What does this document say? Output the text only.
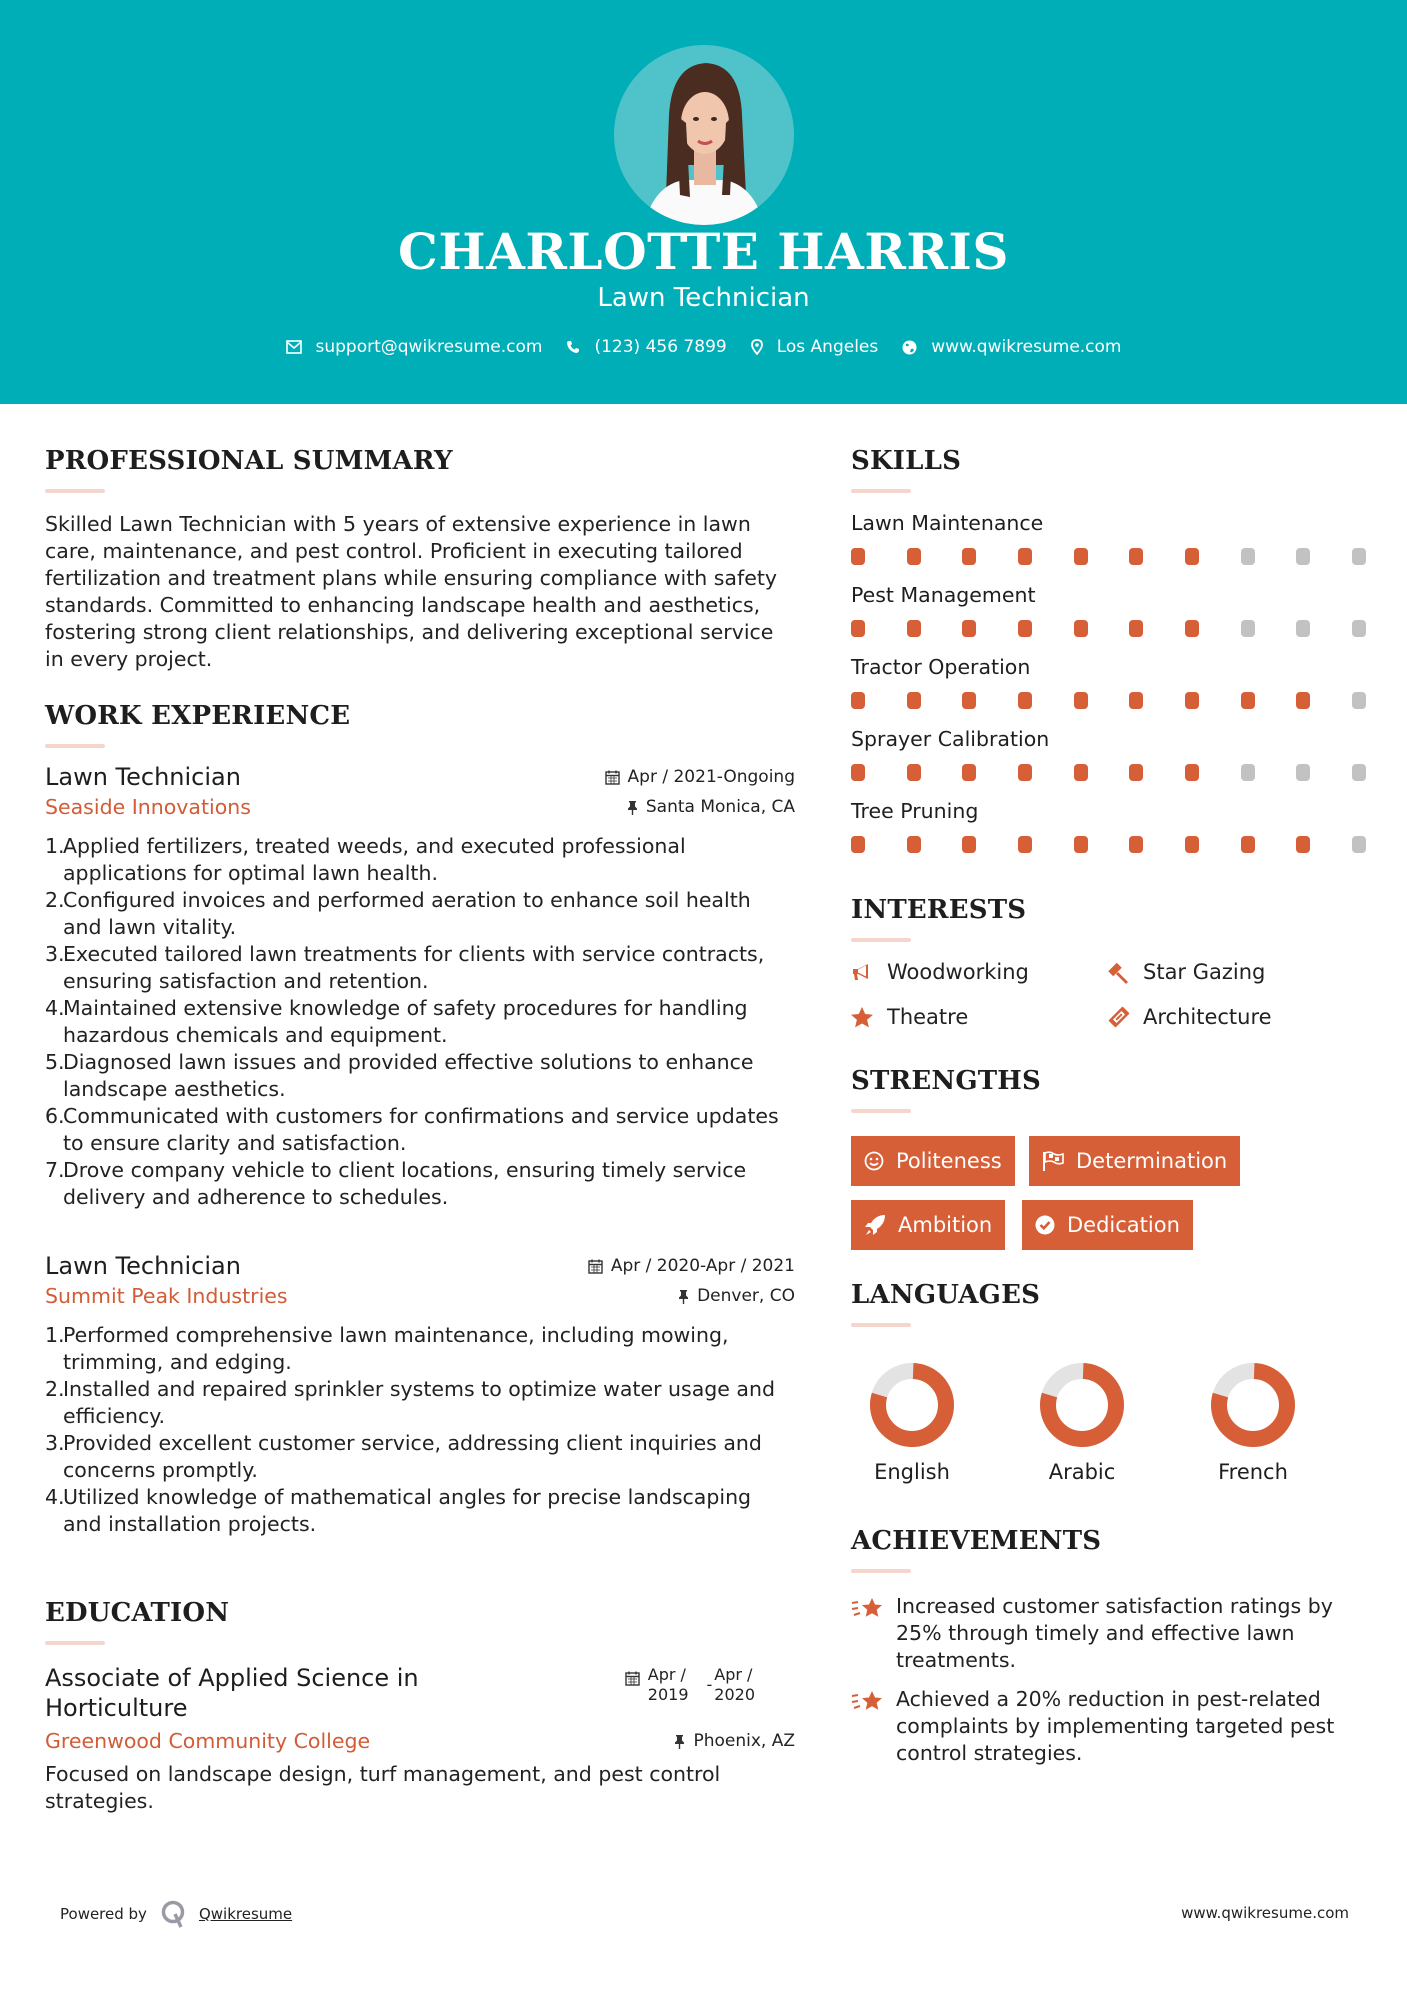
CHARLOTTE HARRIS
Lawn Technician
support@qwikresume.com	(123) 456 7899	Los Angeles	www.qwikresume.com
PROFESSIONAL SUMMARY
Skilled Lawn Technician with 5 years of extensive experience in lawn care, maintenance, and pest control. Proficient in executing tailored fertilization and treatment plans while ensuring compliance with safety standards. Committed to enhancing landscape health and aesthetics, fostering strong client relationships, and delivering exceptional service in every project.
WORK EXPERIENCE
Lawn Technician	Apr / 2021-Ongoing
Seaside Innovations	Santa Monica, CA
1.
Applied fertilizers, treated weeds, and executed professional applications for optimal lawn health.
2.
Configured invoices and performed aeration to enhance soil health and lawn vitality.
3.
Executed tailored lawn treatments for clients with service contracts, ensuring satisfaction and retention.
4.
Maintained extensive knowledge of safety procedures for handling hazardous chemicals and equipment.
5.
Diagnosed lawn issues and provided effective solutions to enhance landscape aesthetics.
6.
Communicated with customers for confirmations and service updates to ensure clarity and satisfaction.
7.
Drove company vehicle to client locations, ensuring timely service delivery and adherence to schedules.
Lawn Technician	Apr / 2020-Apr / 2021
Summit Peak Industries	Denver, CO
1.
Performed comprehensive lawn maintenance, including mowing, trimming, and edging.
2.
Installed and repaired sprinkler systems to optimize water usage and efficiency.
3.
Provided excellent customer service, addressing client inquiries and concerns promptly.
4.
Utilized knowledge of mathematical angles for precise landscaping and installation projects.
EDUCATION
Associate of Applied Science in
Horticulture
Apr /
2019
-
Apr /
2020
Greenwood Community College	Phoenix, AZ
Focused on landscape design, turf management, and pest control strategies.
SKILLS
Lawn Maintenance
Pest Management
Tractor Operation
Sprayer Calibration
Tree Pruning
INTERESTS
Woodworking	Star Gazing
Theatre	Architecture
STRENGTHS
Politeness	Determination
Ambition	Dedication
LANGUAGES
English	Arabic	French
ACHIEVEMENTS
Increased customer satisfaction ratings by 25% through timely and effective lawn treatments.
Achieved a 20% reduction in pest-related complaints by implementing targeted pest control strategies.
Powered by	Qwikresume	www.qwikresume.com
